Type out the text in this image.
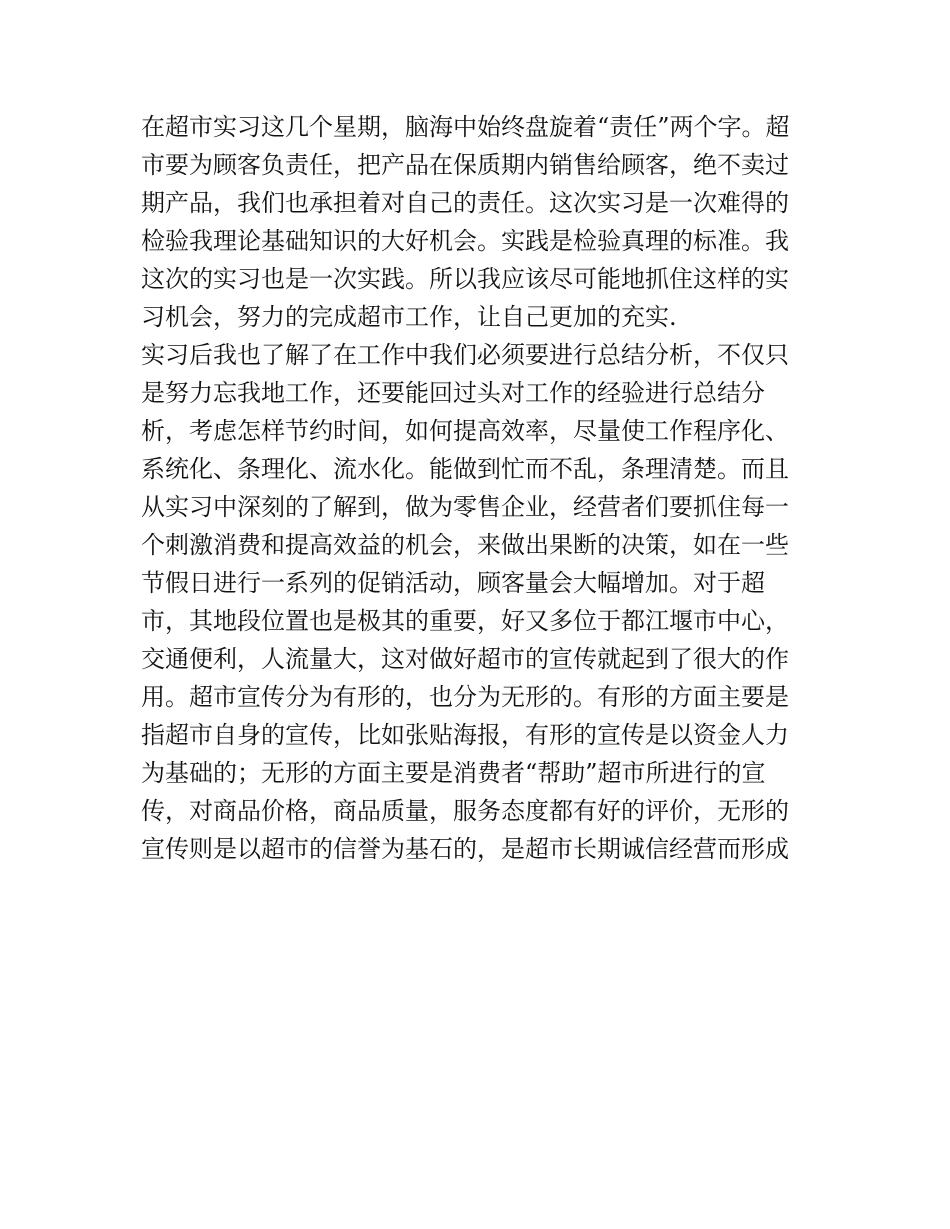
在超市实习这几个星期，脑海中始终盘旋着“责任”两个字。超
市要为顾客负责任，把产品在保质期内销售给顾客，绝不卖过
期产品，我们也承担着对自己的责任。这次实习是一次难得的
检验我理论基础知识的大好机会。实践是检验真理的标准。我
这次的实习也是一次实践。所以我应该尽可能地抓住这样的实
习机会，努力的完成超市工作，让自己更加的充实.
实习后我也了解了在工作中我们必须要进行总结分析，不仅只
是努力忘我地工作，还要能回过头对工作的经验进行总结分
析，考虑怎样节约时间，如何提高效率，尽量使工作程序化、
系统化、条理化、流水化。能做到忙而不乱，条理清楚。而且
从实习中深刻的了解到，做为零售企业，经营者们要抓住每一
个刺激消费和提高效益的机会，来做出果断的决策，如在一些
节假日进行一系列的促销活动，顾客量会大幅增加。对于超
市，其地段位置也是极其的重要，好又多位于都江堰市中心，
交通便利，人流量大，这对做好超市的宣传就起到了很大的作
用。超市宣传分为有形的，也分为无形的。有形的方面主要是
指超市自身的宣传，比如张贴海报，有形的宣传是以资金人力
为基础的；无形的方面主要是消费者“帮助”超市所进行的宣
传，对商品价格，商品质量，服务态度都有好的评价，无形的
宣传则是以超市的信誉为基石的，是超市长期诚信经营而形成
